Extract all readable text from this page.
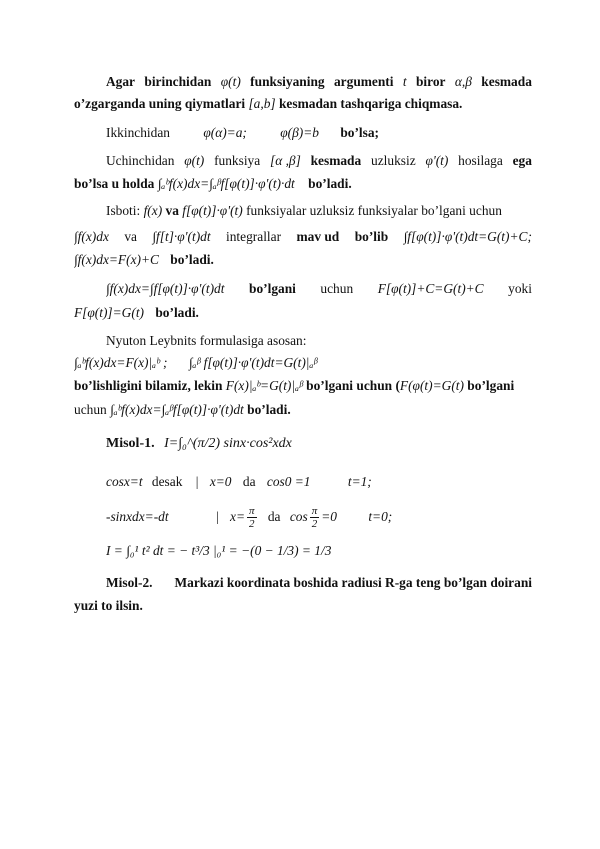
Agar birinchidan φ(t) funksiyaning argumenti t biror α,β kesmada
o’zgarganda uning qiymatlari [a,b] kesmadan tashqariga chiqmasa.
Ikkinchidan φ(α)=a; φ(β)=b bo’lsa;
Uchinchidan φ(t) funksiya [α ,β] kesmada uzluksiz φ'(t) hosilaga ega
bo’lsa u holda ∫ₐᵇf(x)dx=∫ₐᵝf[φ(t)]·φ'(t)·dt bo’ladi.
Isboti: f(x) va f[φ(t)]·φ'(t) funksiyalar uzluksiz funksiyalar bo’lgani uchun
∫f(x)dx va ∫f[t]·φ'(t)dt integrallar mav ud bo’lib ∫f[φ(t)]·φ'(t)dt=G(t)+C;
∫f(x)dx=F(x)+C bo’ladi.
∫f(x)dx=∫f[φ(t)]·φ'(t)dt bo’lgani uchun F[φ(t)]+C=G(t)+C yoki
F[φ(t)]=G(t) bo’ladi.
Nyuton Leybnits formulasiga asosan:
∫ₐᵇf(x)dx=F(x)|ₐᵇ ; ∫ₐᵝ f[φ(t)]·φ'(t)dt=G(t)|ₐᵝ
bo’lishligini bilamiz, lekin F(x)|ₐᵇ=G(t)|ₐᵝ bo’lgani uchun (F(φ(t)=G(t) bo’lgani
uchun ∫ₐᵇf(x)dx=∫ₐᵝf[φ(t)]·φ'(t)dt bo’ladi.
Misol-1. I=∫₀^(π/2) sinx·cos²xdx
cosx=t desak | x=0 da cos0 =1	t=1;
-sinxdx=-dt	| $x= \frac{\pi}{2}$ da $\cos \frac{\pi}{2} =0$ t=0;
I = ∫₀¹ t² dt = − t³/3 |₀¹ = −(0 − 1/3) = 1/3
Misol-2. Markazi koordinata boshida radiusi R-ga teng bo’lgan doirani
yuzi to ilsin.
